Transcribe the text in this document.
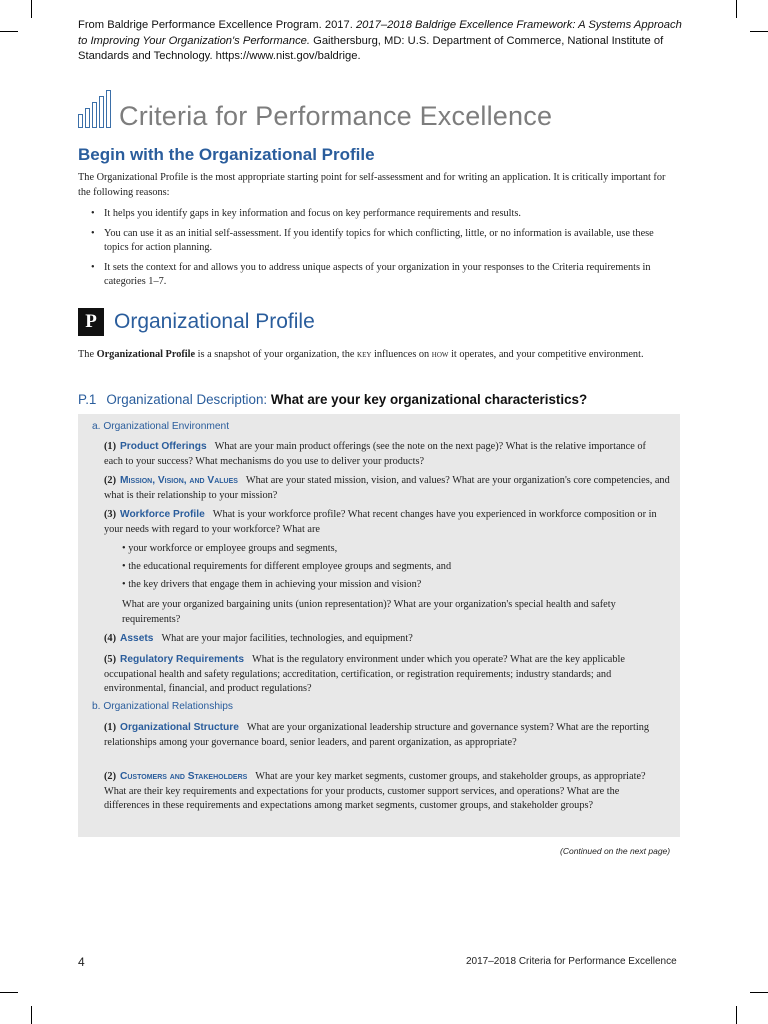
From Baldrige Performance Excellence Program. 2017. 2017–2018 Baldrige Excellence Framework: A Systems Approach to Improving Your Organization's Performance. Gaithersburg, MD: U.S. Department of Commerce, National Institute of Standards and Technology. https://www.nist.gov/baldrige.
Criteria for Performance Excellence
Begin with the Organizational Profile
The Organizational Profile is the most appropriate starting point for self-assessment and for writing an application. It is critically important for the following reasons:
• It helps you identify gaps in key information and focus on key performance requirements and results.
• You can use it as an initial self-assessment. If you identify topics for which conflicting, little, or no information is available, use these topics for action planning.
• It sets the context for and allows you to address unique aspects of your organization in your responses to the Criteria requirements in categories 1–7.
P Organizational Profile
The Organizational Profile is a snapshot of your organization, the key influences on how it operates, and your competitive environment.
P.1 Organizational Description: What are your key organizational characteristics?
a. Organizational Environment
(1) Product Offerings What are your main product offerings (see the note on the next page)? What is the relative importance of each to your success? What mechanisms do you use to deliver your products?
(2) Mission, Vision, and Values What are your stated mission, vision, and values? What are your organization's core competencies, and what is their relationship to your mission?
(3) Workforce Profile What is your workforce profile? What recent changes have you experienced in workforce composition or in your needs with regard to your workforce? What are
• your workforce or employee groups and segments,
• the educational requirements for different employee groups and segments, and
• the key drivers that engage them in achieving your mission and vision?
What are your organized bargaining units (union representation)? What are your organization's special health and safety requirements?
(4) Assets What are your major facilities, technologies, and equipment?
(5) Regulatory Requirements What is the regulatory environment under which you operate? What are the key applicable occupational health and safety regulations; accreditation, certification, or registration requirements; industry standards; and environmental, financial, and product regulations?
b. Organizational Relationships
(1) Organizational Structure What are your organizational leadership structure and governance system? What are the reporting relationships among your governance board, senior leaders, and parent organization, as appropriate?
(2) Customers and Stakeholders What are your key market segments, customer groups, and stakeholder groups, as appropriate? What are their key requirements and expectations for your products, customer support services, and operations? What are the differences in these requirements and expectations among market segments, customer groups, and stakeholder groups?
(Continued on the next page)
4	2017–2018 Criteria for Performance Excellence
